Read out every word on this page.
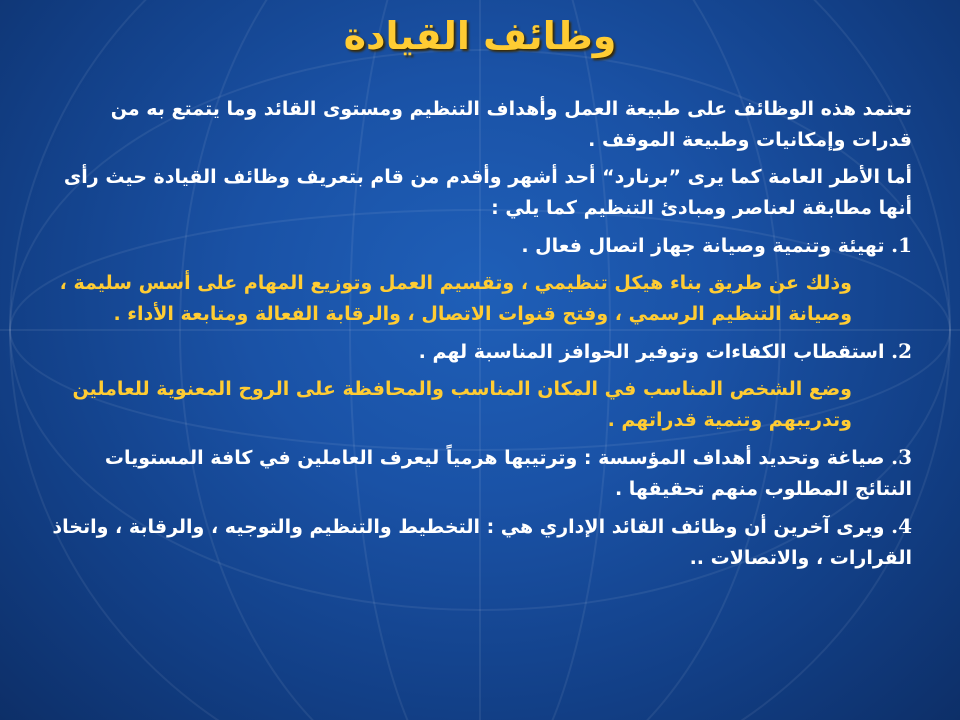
وظائف القيادة

تعتمد هذه الوظائف على طبيعة العمل وأهداف التنظيم ومستوى القائد وما يتمتع به من قدرات وإمكانيات وطبيعة الموقف .

أما الأطر العامة كما يرى ”برنارد“ أحد أشهر وأقدم من قام بتعريف وظائف القيادة حيث رأى أنها مطابقة لعناصر ومبادئ التنظيم كما يلي :

1. تهيئة وتنمية وصيانة جهاز اتصال فعال .

وذلك عن طريق بناء هيكل تنظيمي ، وتقسيم العمل وتوزيع المهام على أسس سليمة ، وصيانة التنظيم الرسمي ، وفتح قنوات الاتصال ، والرقابة الفعالة ومتابعة الأداء .

2. استقطاب الكفاءات وتوفير الحوافز المناسبة لهم .

وضع الشخص المناسب في المكان المناسب والمحافظة على الروح المعنوية للعاملين وتدريبهم وتنمية قدراتهم .

3. صياغة وتحديد أهداف المؤسسة : وترتيبها هرمياً ليعرف العاملين في كافة المستويات النتائج المطلوب منهم تحقيقها .

4. ويرى آخرين أن وظائف القائد الإداري هي : التخطيط والتنظيم والتوجيه ، والرقابة ، واتخاذ القرارات ، والاتصالات ..
